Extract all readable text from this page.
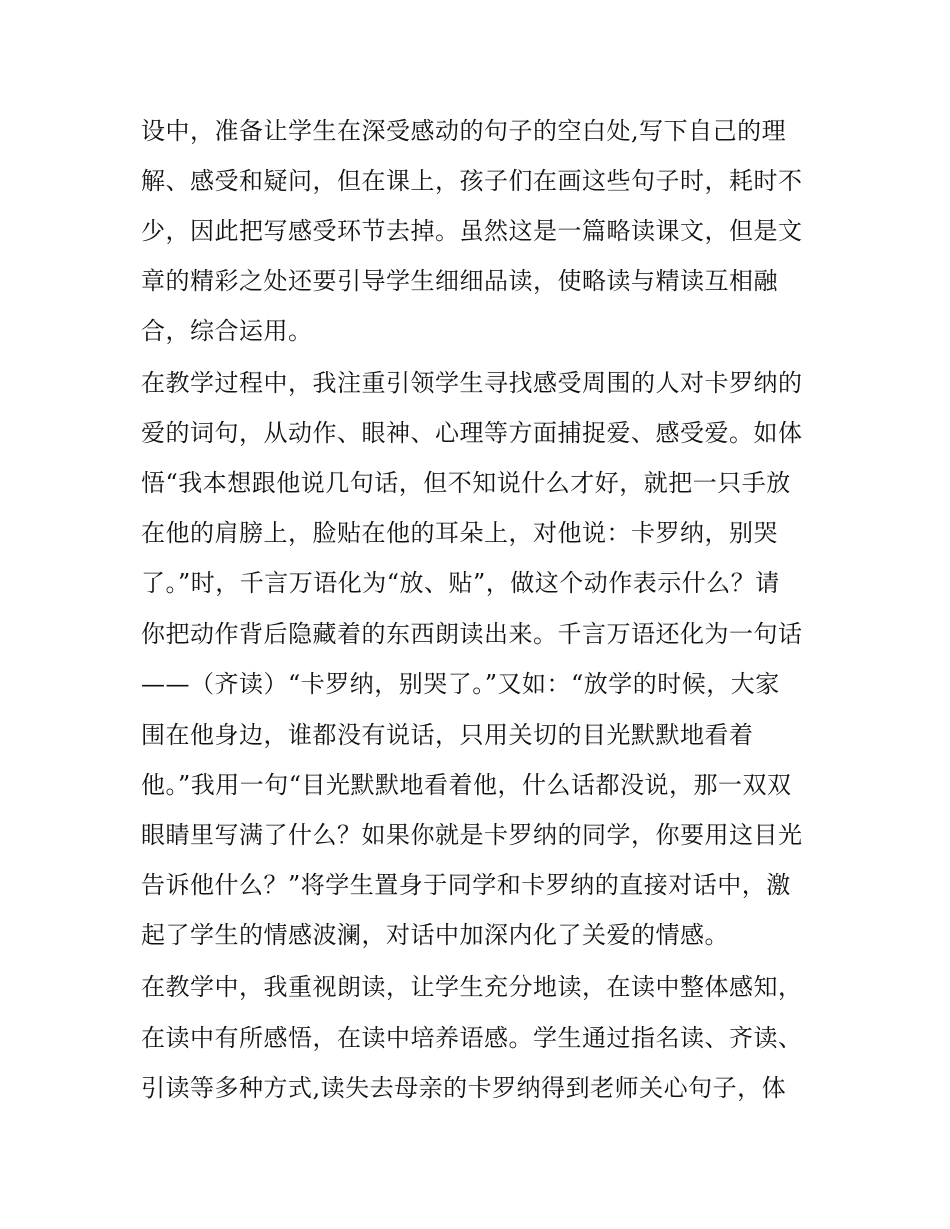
设中，准备让学生在深受感动的句子的空白处,写下自己的理
解、感受和疑问，但在课上，孩子们在画这些句子时，耗时不
少，因此把写感受环节去掉。虽然这是一篇略读课文，但是文
章的精彩之处还要引导学生细细品读，使略读与精读互相融
合，综合运用。
在教学过程中，我注重引领学生寻找感受周围的人对卡罗纳的
爱的词句，从动作、眼神、心理等方面捕捉爱、感受爱。如体
悟“我本想跟他说几句话，但不知说什么才好，就把一只手放
在他的肩膀上，脸贴在他的耳朵上，对他说：卡罗纳，别哭
了。”时，千言万语化为“放、贴”，做这个动作表示什么？请
你把动作背后隐藏着的东西朗读出来。千言万语还化为一句话
——（齐读）“卡罗纳，别哭了。”又如：“放学的时候，大家
围在他身边，谁都没有说话，只用关切的目光默默地看着
他。”我用一句“目光默默地看着他，什么话都没说，那一双双
眼睛里写满了什么？如果你就是卡罗纳的同学，你要用这目光
告诉他什么？”将学生置身于同学和卡罗纳的直接对话中，激
起了学生的情感波澜，对话中加深内化了关爱的情感。
在教学中，我重视朗读，让学生充分地读，在读中整体感知，
在读中有所感悟，在读中培养语感。学生通过指名读、齐读、
引读等多种方式,读失去母亲的卡罗纳得到老师关心句子，体
